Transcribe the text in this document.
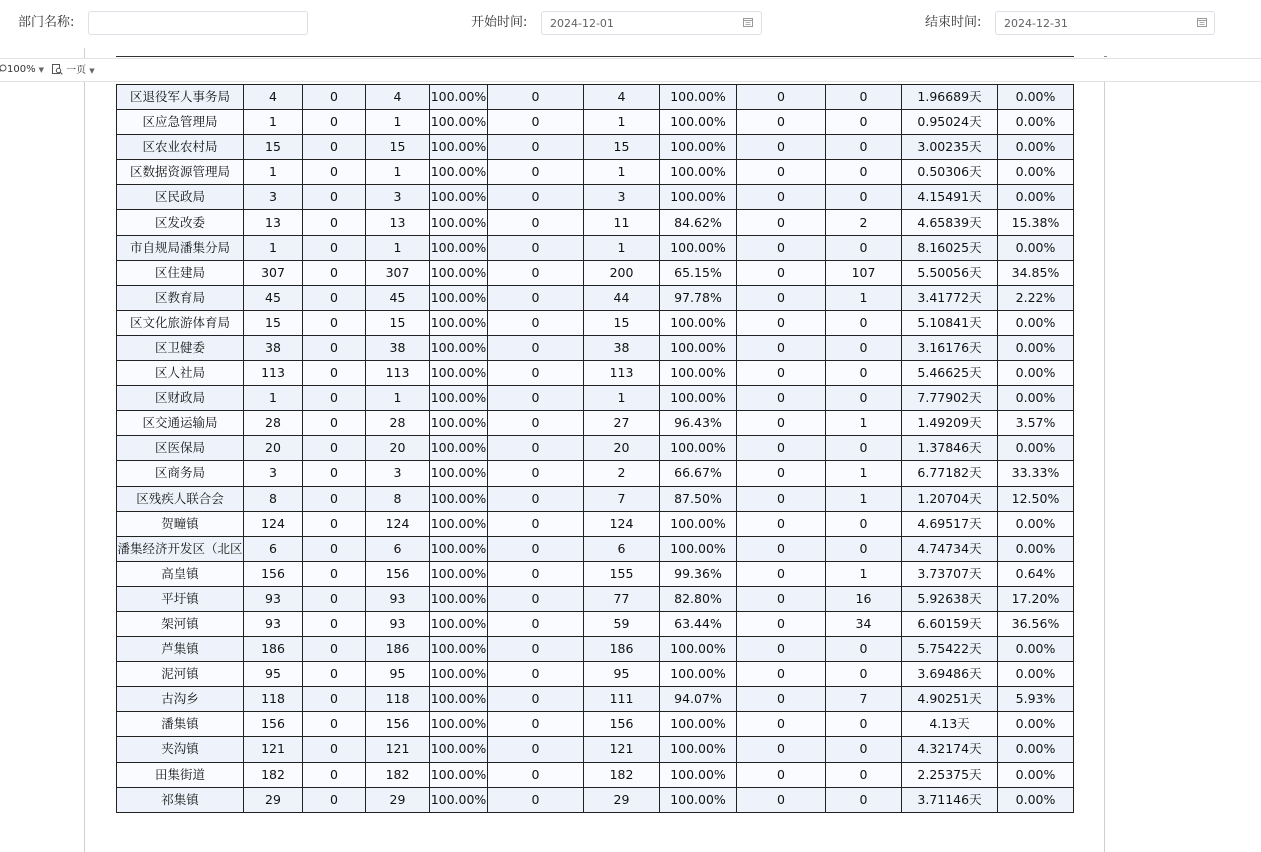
部门名称:	开始时间:
2024-12-01	结束时间:
2024-12-31
100% ▼	一页 ▼
区退役军人事务局	4	0	4	100.00%	0	4	100.00%	0	0	1.96689天	0.00%
区应急管理局	1	0	1	100.00%	0	1	100.00%	0	0	0.95024天	0.00%
区农业农村局	15	0	15	100.00%	0	15	100.00%	0	0	3.00235天	0.00%
区数据资源管理局	1	0	1	100.00%	0	1	100.00%	0	0	0.50306天	0.00%
区民政局	3	0	3	100.00%	0	3	100.00%	0	0	4.15491天	0.00%
区发改委	13	0	13	100.00%	0	11	84.62%	0	2	4.65839天	15.38%
市自规局潘集分局	1	0	1	100.00%	0	1	100.00%	0	0	8.16025天	0.00%
区住建局	307	0	307	100.00%	0	200	65.15%	0	107	5.50056天	34.85%
区教育局	45	0	45	100.00%	0	44	97.78%	0	1	3.41772天	2.22%
区文化旅游体育局	15	0	15	100.00%	0	15	100.00%	0	0	5.10841天	0.00%
区卫健委	38	0	38	100.00%	0	38	100.00%	0	0	3.16176天	0.00%
区人社局	113	0	113	100.00%	0	113	100.00%	0	0	5.46625天	0.00%
区财政局	1	0	1	100.00%	0	1	100.00%	0	0	7.77902天	0.00%
区交通运输局	28	0	28	100.00%	0	27	96.43%	0	1	1.49209天	3.57%
区医保局	20	0	20	100.00%	0	20	100.00%	0	0	1.37846天	0.00%
区商务局	3	0	3	100.00%	0	2	66.67%	0	1	6.77182天	33.33%
区残疾人联合会	8	0	8	100.00%	0	7	87.50%	0	1	1.20704天	12.50%
贺疃镇	124	0	124	100.00%	0	124	100.00%	0	0	4.69517天	0.00%
潘集经济开发区（北区	6	0	6	100.00%	0	6	100.00%	0	0	4.74734天	0.00%
高皇镇	156	0	156	100.00%	0	155	99.36%	0	1	3.73707天	0.64%
平圩镇	93	0	93	100.00%	0	77	82.80%	0	16	5.92638天	17.20%
架河镇	93	0	93	100.00%	0	59	63.44%	0	34	6.60159天	36.56%
芦集镇	186	0	186	100.00%	0	186	100.00%	0	0	5.75422天	0.00%
泥河镇	95	0	95	100.00%	0	95	100.00%	0	0	3.69486天	0.00%
古沟乡	118	0	118	100.00%	0	111	94.07%	0	7	4.90251天	5.93%
潘集镇	156	0	156	100.00%	0	156	100.00%	0	0	4.13天	0.00%
夹沟镇	121	0	121	100.00%	0	121	100.00%	0	0	4.32174天	0.00%
田集街道	182	0	182	100.00%	0	182	100.00%	0	0	2.25375天	0.00%
祁集镇	29	0	29	100.00%	0	29	100.00%	0	0	3.71146天	0.00%
